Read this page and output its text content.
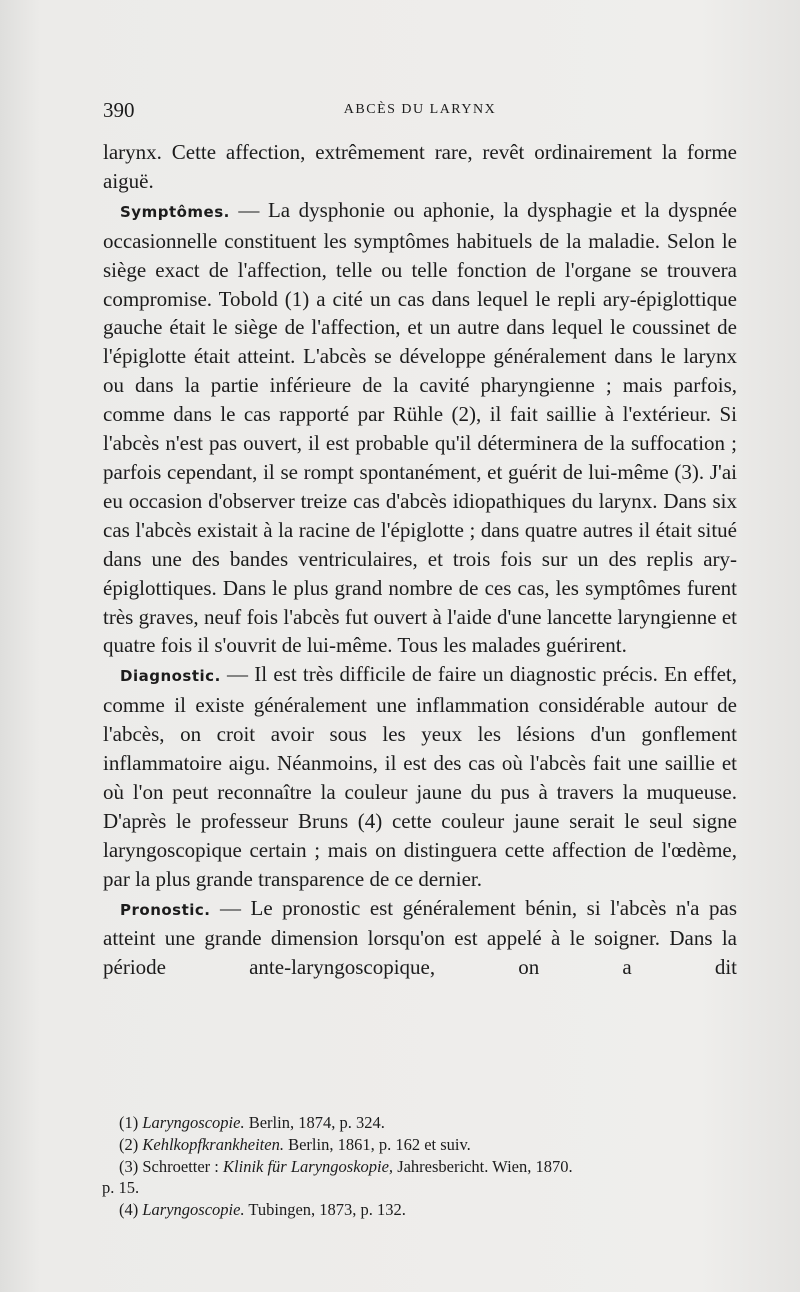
390	ABCÈS DU LARYNX

larynx. Cette affection, extrêmement rare, revêt ordinairement la forme aiguë.

Symptômes. — La dysphonie ou aphonie, la dysphagie et la dyspnée occasionnelle constituent les symptômes habituels de la maladie. Selon le siège exact de l'affection, telle ou telle fonction de l'organe se trouvera compromise. Tobold (1) a cité un cas dans lequel le repli ary-épiglottique gauche était le siège de l'affection, et un autre dans lequel le coussinet de l'épiglotte était atteint. L'abcès se développe généralement dans le larynx ou dans la partie inférieure de la cavité pharyngienne ; mais parfois, comme dans le cas rapporté par Rühle (2), il fait saillie à l'extérieur. Si l'abcès n'est pas ouvert, il est probable qu'il déterminera de la suffocation ; parfois cependant, il se rompt spontanément, et guérit de lui-même (3). J'ai eu occasion d'observer treize cas d'abcès idiopathiques du larynx. Dans six cas l'abcès existait à la racine de l'épiglotte ; dans quatre autres il était situé dans une des bandes ventriculaires, et trois fois sur un des replis ary-épiglottiques. Dans le plus grand nombre de ces cas, les symptômes furent très graves, neuf fois l'abcès fut ouvert à l'aide d'une lancette laryngienne et quatre fois il s'ouvrit de lui-même. Tous les malades guérirent.

Diagnostic. — Il est très difficile de faire un diagnostic précis. En effet, comme il existe généralement une inflammation considérable autour de l'abcès, on croit avoir sous les yeux les lésions d'un gonflement inflammatoire aigu. Néanmoins, il est des cas où l'abcès fait une saillie et où l'on peut reconnaître la couleur jaune du pus à travers la muqueuse. D'après le professeur Bruns (4) cette couleur jaune serait le seul signe laryngoscopique certain ; mais on distinguera cette affection de l'œdème, par la plus grande transparence de ce dernier.

Pronostic. — Le pronostic est généralement bénin, si l'abcès n'a pas atteint une grande dimension lorsqu'on est appelé à le soigner. Dans la période ante-laryngoscopique, on a dit

(1) Laryngoscopie. Berlin, 1874, p. 324.

(2) Kehlkopfkrankheiten. Berlin, 1861, p. 162 et suiv.

(3) Schroetter : Klinik für Laryngoskopie, Jahresbericht. Wien, 1870.
p. 15.

(4) Laryngoscopie. Tubingen, 1873, p. 132.
